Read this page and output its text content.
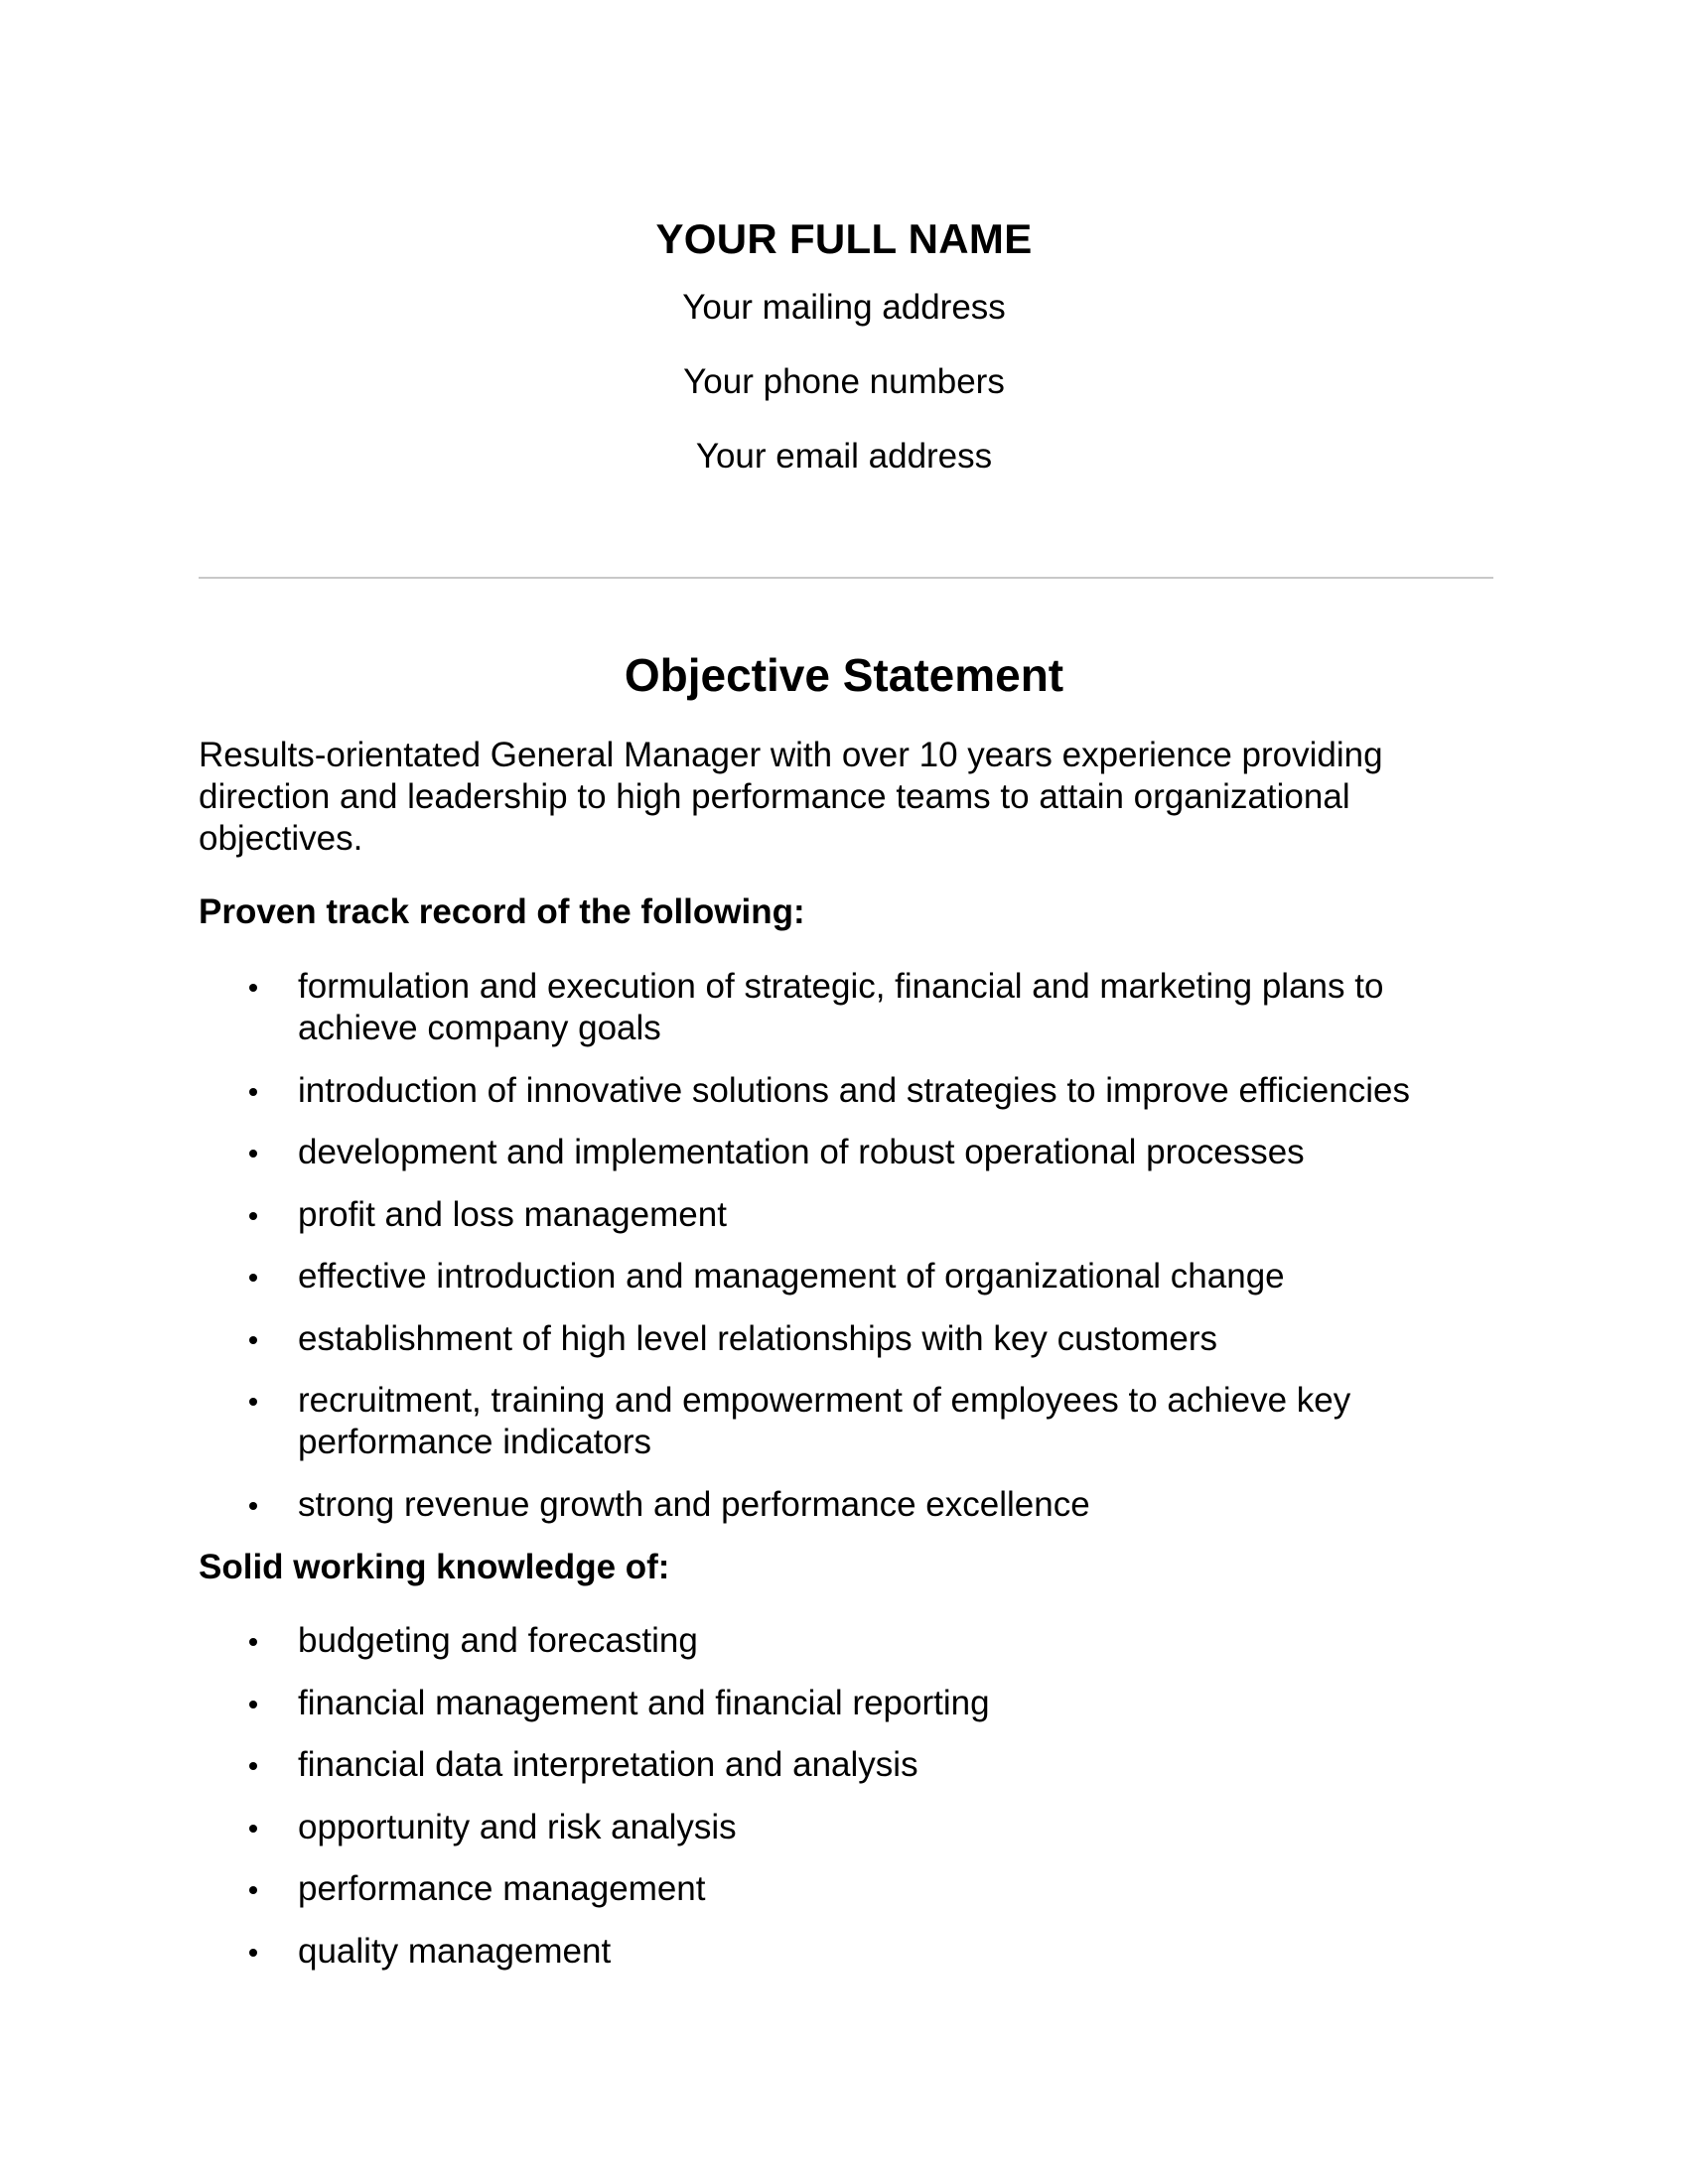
YOUR FULL NAME

Your mailing address

Your phone numbers

Your email address

Objective Statement

Results-orientated General Manager with over 10 years experience providing direction and leadership to high performance teams to attain organizational objectives.

Proven track record of the following:

formulation and execution of strategic, financial and marketing plans to achieve company goals
introduction of innovative solutions and strategies to improve efficiencies
development and implementation of robust operational processes
profit and loss management
effective introduction and management of organizational change
establishment of high level relationships with key customers
recruitment, training and empowerment of employees to achieve key performance indicators
strong revenue growth and performance excellence

Solid working knowledge of:

budgeting and forecasting
financial management and financial reporting
financial data interpretation and analysis
opportunity and risk analysis
performance management
quality management
